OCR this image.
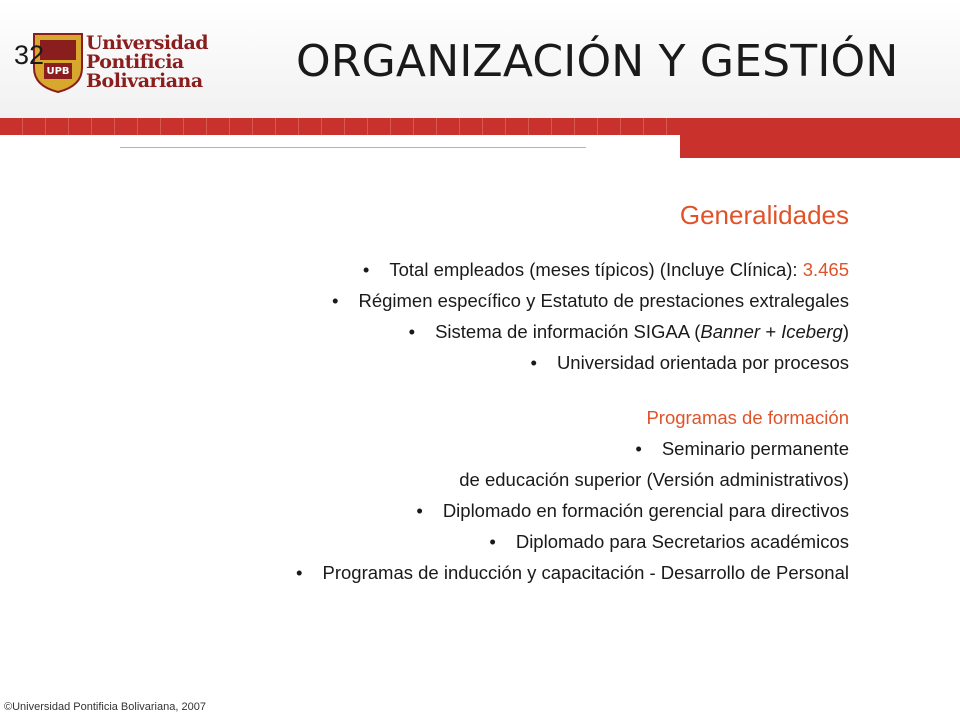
UPB
Universidad
Pontificia
Bolivariana
32	ORGANIZACIÓN Y GESTIÓN
Generalidades
• Total empleados (meses típicos) (Incluye Clínica): 3.465
• Régimen específico y Estatuto de prestaciones extralegales
• Sistema de información SIGAA (Banner + Iceberg)
• Universidad orientada por procesos
Programas de formación
• Seminario permanente
de educación superior (Versión administrativos)
• Diplomado en formación gerencial para directivos
• Diplomado para Secretarios académicos
• Programas de inducción y capacitación - Desarrollo de Personal
©Universidad Pontificia Bolivariana, 2007
